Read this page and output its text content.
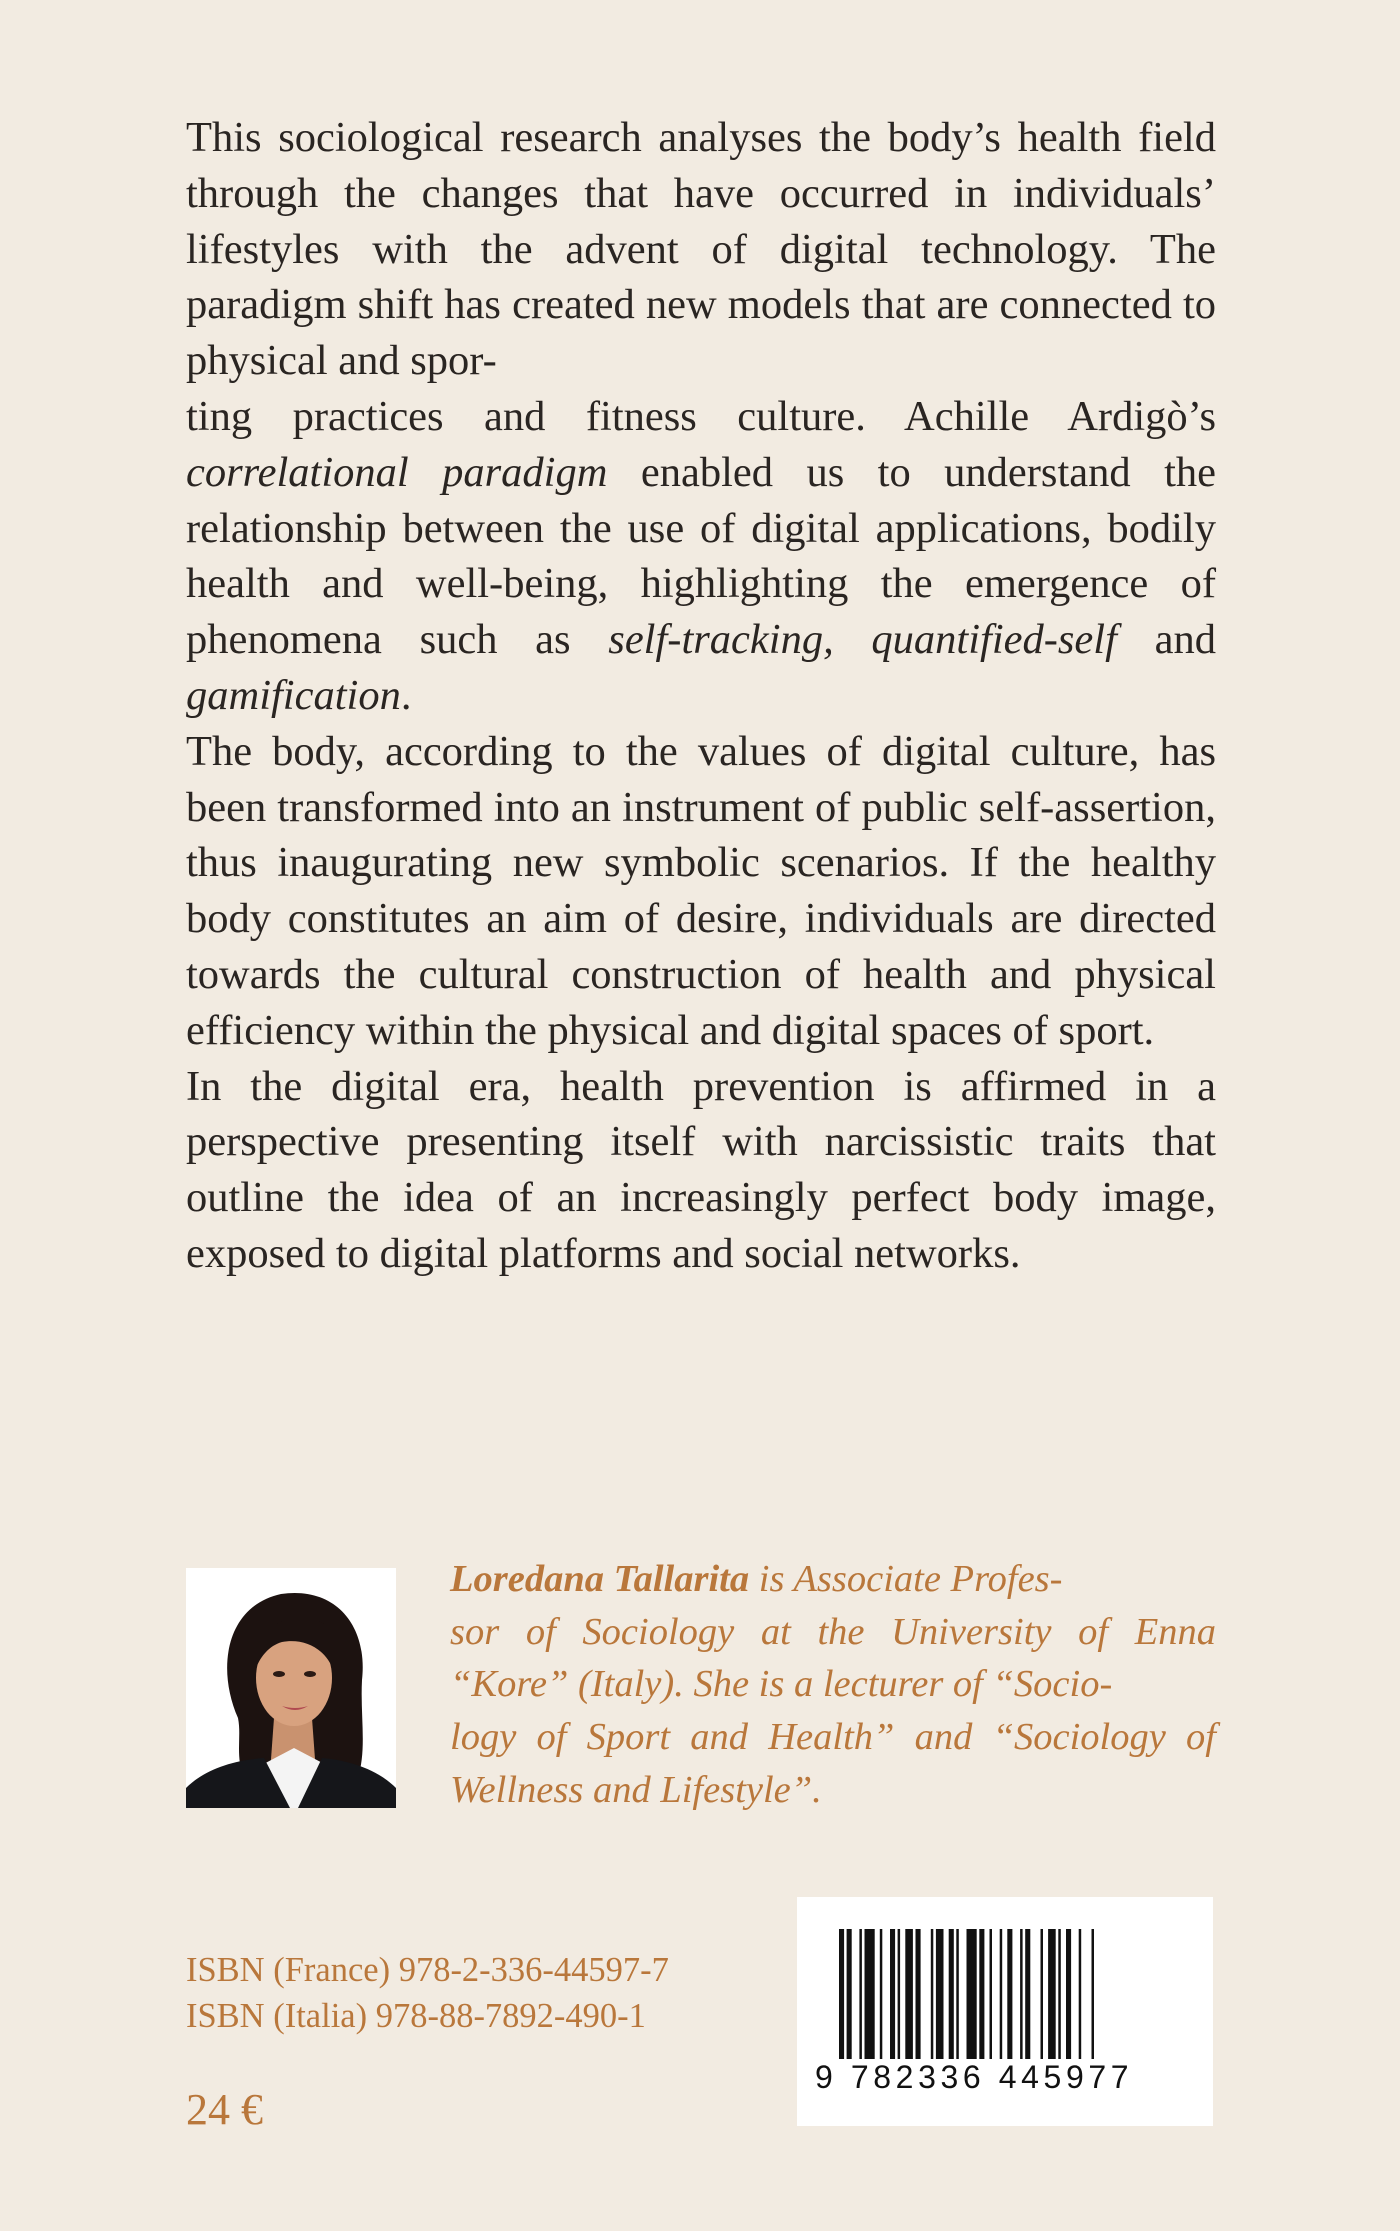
This sociological research analyses the body’s health field through the changes that have occurred in individuals’ lifestyles with the advent of digital technology. The paradigm shift has created new models that are connected to physical and spor-
ting practices and fitness culture. Achille Ardigò’s correlational paradigm enabled us to understand the relationship between the use of digital applications, bodily health and well-being, highlighting the emergence of phenomena such as self-tracking, quantified-self and gamification.

The body, according to the values of digital culture, has been transformed into an instrument of public self-assertion, thus inaugurating new symbolic scenarios. If the healthy body constitutes an aim of desire, individuals are directed towards the cultural construction of health and physical efficiency within the physical and digital spaces of sport.

In the digital era, health prevention is affirmed in a perspective presenting itself with narcissistic traits that outline the idea of an increasingly perfect body image, exposed to digital platforms and social networks.

Loredana Tallarita is Associate Profes-
sor of Sociology at the University of Enna “Kore” (Italy). She is a lecturer of “Socio-
logy of Sport and Health” and “Sociology of Wellness and Lifestyle”.
ISBN (France) 978-2-336-44597-7
ISBN (Italia) 978-88-7892-490-1
24 €
9 782336 445977
